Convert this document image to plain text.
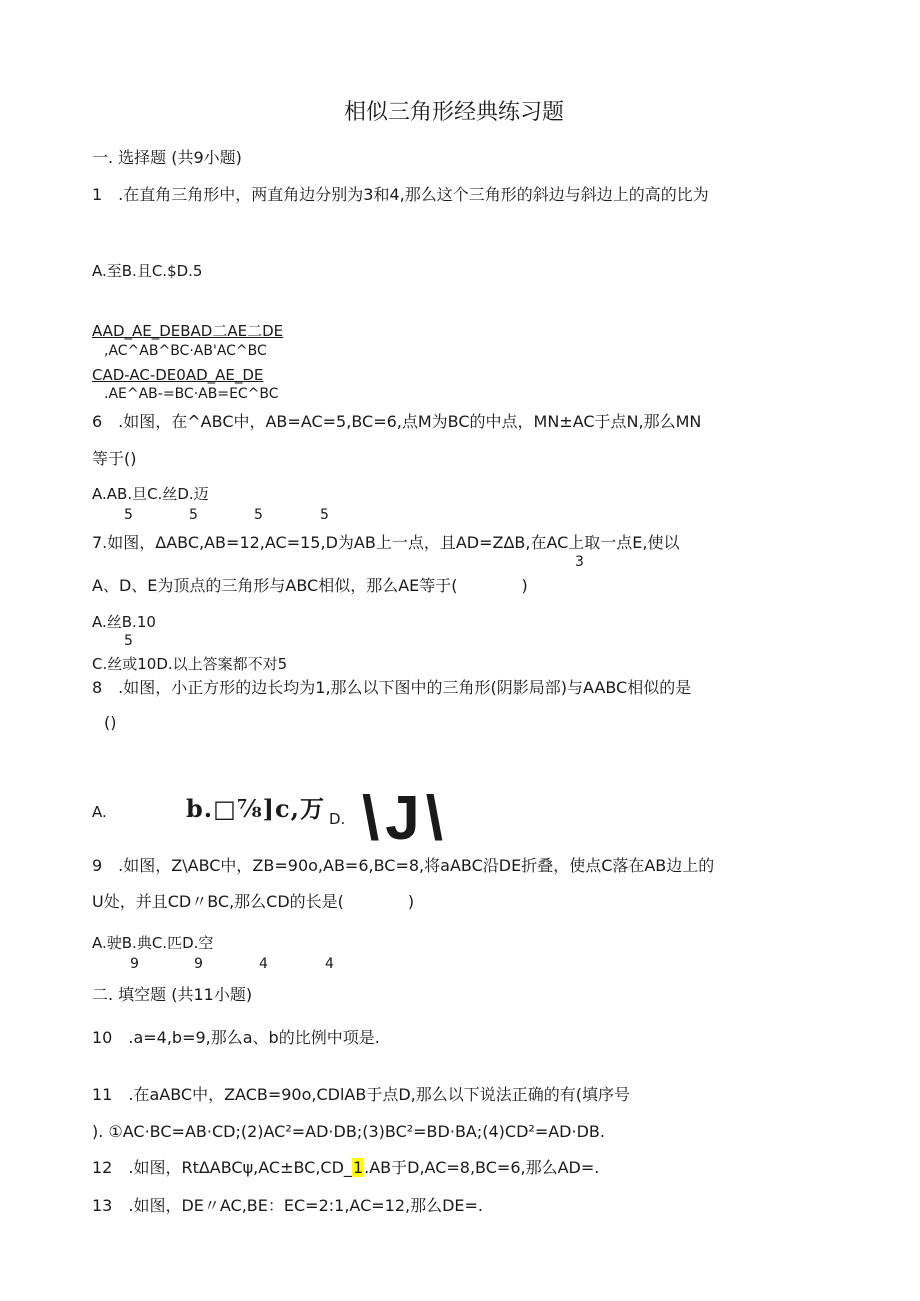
相似三角形经典练习题
一. 选择题 (共9小题)
1　.在直角三角形中，两直角边分别为3和4,那么这个三角形的斜边与斜边上的高的比为
A.至B.且C.$D.5
AAD_AE_DEBAD二AE二DE
,AC^AB^BC·AB'AC^BC
CAD-AC-DE0AD_AE_DE
.AE^AB-=BC·AB=EC^BC
6　.如图，在^ABC中，AB=AC=5,BC=6,点M为BC的中点，MN±AC于点N,那么MN
等于()
A.AB.旦C.丝D.迈
5	5	5	5
7.如图，ΔABC,AB=12,AC=15,D为AB上一点，且AD=ZΔB,在AC上取一点E,使以
3
A、D、E为顶点的三角形与ABC相似，那么AE等于(　　　　)
A.丝B.10
5
C.丝或10D.以上答案都不对5
8　.如图，小正方形的边长均为1,那么以下图中的三角形(阴影局部)与AABC相似的是
()
A.	b.□⅞]c,万 D. \J\
9　.如图，Z\ABC中，ZB=90o,AB=6,BC=8,将aABC沿DE折叠，使点C落在AB边上的
U处，并且CD〃BC,那么CD的长是(　　　　)
A.驶B.典C.匹D.空
9	9	4	4
二. 填空题 (共11小题)
10　.a=4,b=9,那么a、b的比例中项是.
11　.在aABC中，ZACB=90o,CDlAB于点D,那么以下说法正确的有(填序号
). ①AC·BC=AB·CD;(2)AC²=AD·DB;(3)BC²=BD·BA;(4)CD²=AD·DB.
12　.如图，RtΔABCψ,AC±BC,CD_1.AB于D,AC=8,BC=6,那么AD=.
13　.如图，DE〃AC,BE：EC=2:1,AC=12,那么DE=.
